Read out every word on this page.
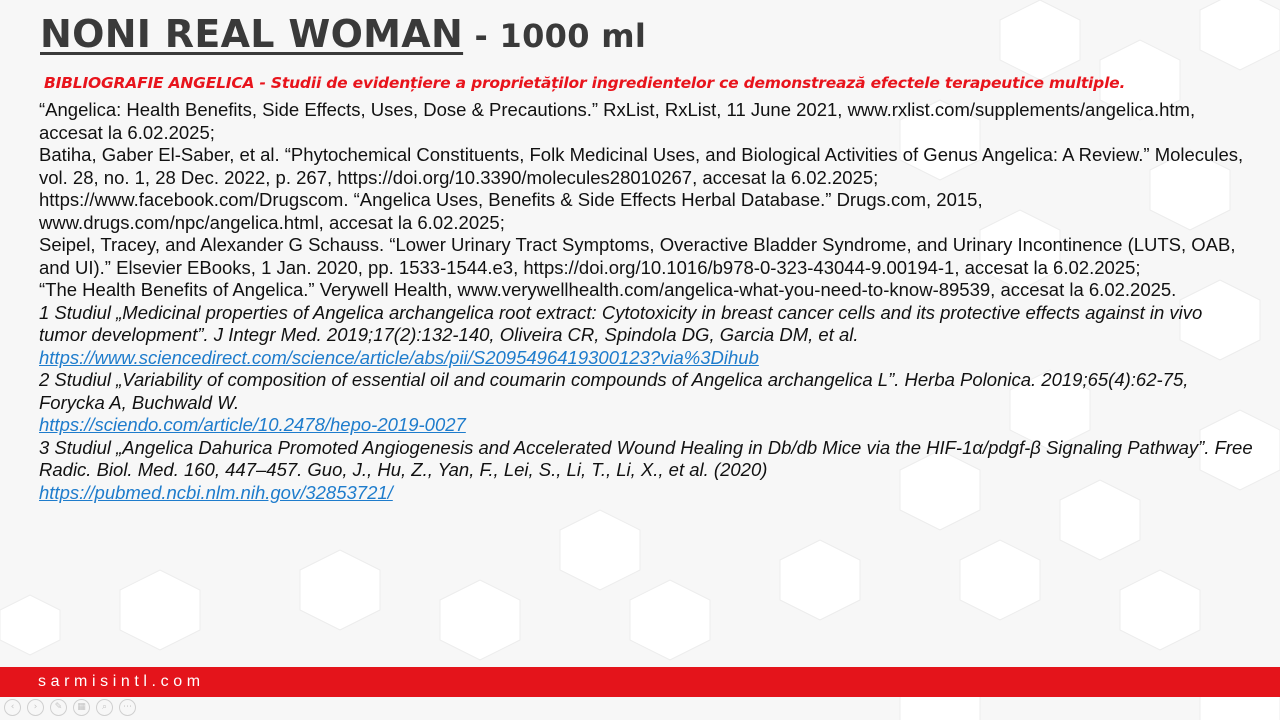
NONI REAL WOMAN - 1000 ml
BIBLIOGRAFIE ANGELICA - Studii de evidențiere a proprietăților ingredientelor ce demonstrează efectele terapeutice multiple.

“Angelica: Health Benefits, Side Effects, Uses, Dose & Precautions.” RxList, RxList, 11 June 2021, www.rxlist.com/supplements/angelica.htm, accesat la 6.02.2025;

Batiha, Gaber El-Saber, et al. “Phytochemical Constituents, Folk Medicinal Uses, and Biological Activities of Genus Angelica: A Review.” Molecules, vol. 28, no. 1, 28 Dec. 2022, p. 267, https://doi.org/10.3390/molecules28010267, accesat la 6.02.2025;

https://www.facebook.com/Drugscom. “Angelica Uses, Benefits & Side Effects Herbal Database.” Drugs.com, 2015, www.drugs.com/npc/angelica.html, accesat la 6.02.2025;

Seipel, Tracey, and Alexander G Schauss. “Lower Urinary Tract Symptoms, Overactive Bladder Syndrome, and Urinary Incontinence (LUTS, OAB, and UI).” Elsevier EBooks, 1 Jan. 2020, pp. 1533-1544.e3, https://doi.org/10.1016/b978-0-323-43044-9.00194-1, accesat la 6.02.2025;

“The Health Benefits of Angelica.” Verywell Health, www.verywellhealth.com/angelica-what-you-need-to-know-89539, accesat la 6.02.2025.

1 Studiul „Medicinal properties of Angelica archangelica root extract: Cytotoxicity in breast cancer cells and its protective effects against in vivo tumor development”. J Integr Med. 2019;17(2):132-140, Oliveira CR, Spindola DG, Garcia DM, et al.

https://www.sciencedirect.com/science/article/abs/pii/S2095496419300123?via%3Dihub

2 Studiul „Variability of composition of essential oil and coumarin compounds of Angelica archangelica L”. Herba Polonica. 2019;65(4):62-75, Forycka A, Buchwald W.

https://sciendo.com/article/10.2478/hepo-2019-0027

3 Studiul „Angelica Dahurica Promoted Angiogenesis and Accelerated Wound Healing in Db/db Mice via the HIF-1α/pdgf-β Signaling Pathway”. Free Radic. Biol. Med. 160, 447–457. Guo, J., Hu, Z., Yan, F., Lei, S., Li, T., Li, X., et al. (2020)

https://pubmed.ncbi.nlm.nih.gov/32853721/

sarmisintl.com
‹	›	✎	▦	⌕	⋯
